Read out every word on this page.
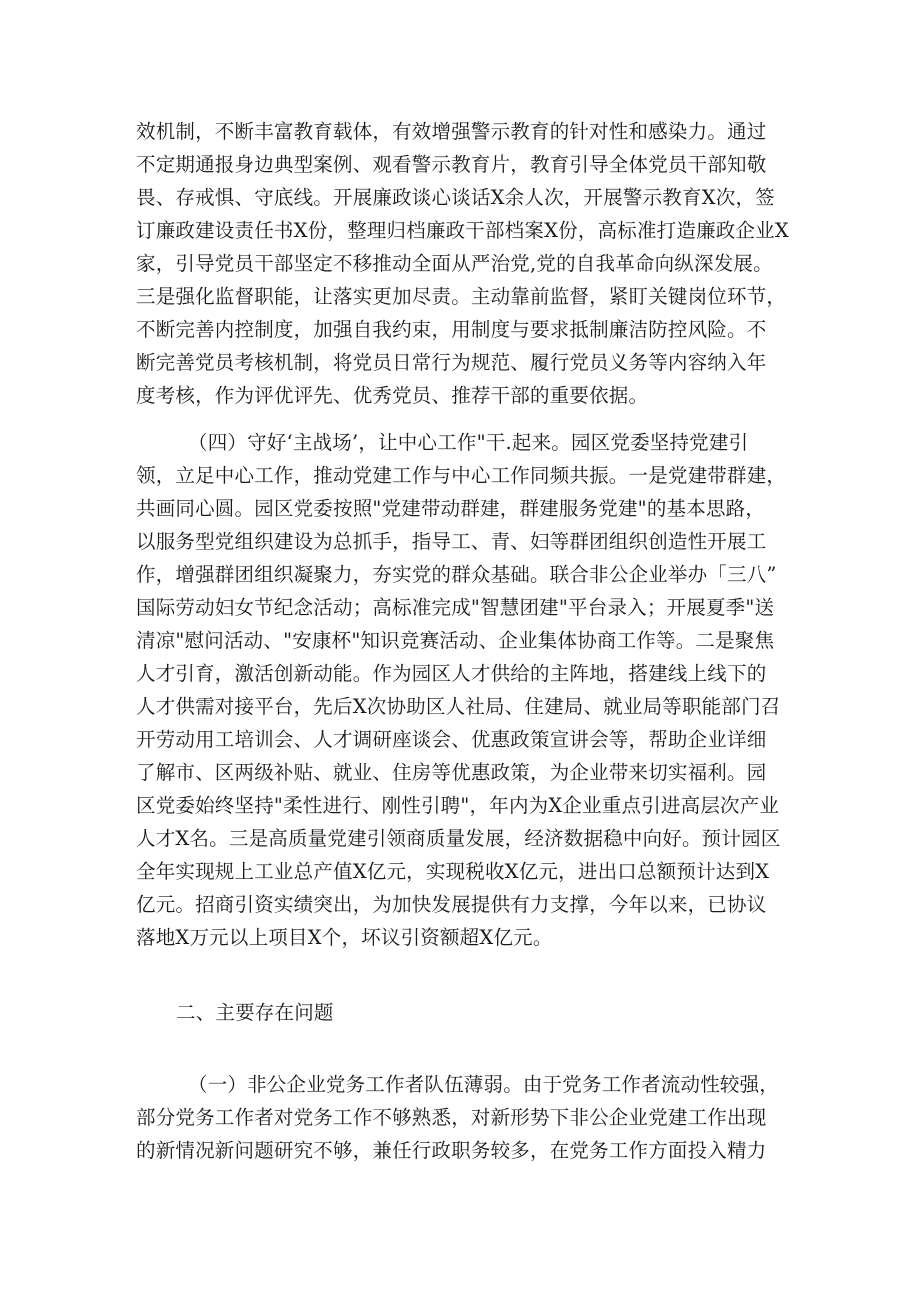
效机制，不断丰富教育载体，有效增强警示教育的针对性和感染力。通过
不定期通报身边典型案例、观看警示教育片，教育引导全体党员干部知敬
畏、存戒惧、守底线。开展廉政谈心谈话X余人次，开展警示教育X次，签
订廉政建设责任书X份，整理归档廉政干部档案X份，高标准打造廉政企业X
家，引导党员干部坚定不移推动全面从严治党,党的自我革命向纵深发展。
三是强化监督职能，让落实更加尽责。主动靠前监督，紧盯关键岗位环节，
不断完善内控制度，加强自我约束，用制度与要求抵制廉洁防控风险。不
断完善党员考核机制，将党员日常行为规范、履行党员义务等内容纳入年
度考核，作为评优评先、优秀党员、推荐干部的重要依据。
（四）守好‘主战场’，让中心工作"干.起来。园区党委坚持党建引
领，立足中心工作，推动党建工作与中心工作同频共振。一是党建带群建，
共画同心圆。园区党委按照"党建带动群建，群建服务党建"的基本思路，
以服务型党组织建设为总抓手，指导工、青、妇等群团组织创造性开展工
作，增强群团组织凝聚力，夯实党的群众基础。联合非公企业举办「三八”
国际劳动妇女节纪念活动；高标准完成"智慧团建"平台录入；开展夏季"送
清凉"慰问活动、"安康杯"知识竞赛活动、企业集体协商工作等。二是聚焦
人才引育，激活创新动能。作为园区人才供给的主阵地，搭建线上线下的
人才供需对接平台，先后X次协助区人社局、住建局、就业局等职能部门召
开劳动用工培训会、人才调研座谈会、优惠政策宣讲会等，帮助企业详细
了解市、区两级补贴、就业、住房等优惠政策，为企业带来切实福利。园
区党委始终坚持"柔性进行、刚性引聘"，年内为X企业重点引进高层次产业
人才X名。三是高质量党建引领商质量发展，经济数据稳中向好。预计园区
全年实现规上工业总产值X亿元，实现税收X亿元，进出口总额预计达到X
亿元。招商引资实绩突出，为加快发展提供有力支撑，今年以来，已协议
落地X万元以上项目X个，坏议引资额超X亿元。
二、主要存在问题
（一）非公企业党务工作者队伍薄弱。由于党务工作者流动性较强，
部分党务工作者对党务工作不够熟悉，对新形势下非公企业党建工作出现
的新情况新问题研究不够，兼任行政职务较多，在党务工作方面投入精力
